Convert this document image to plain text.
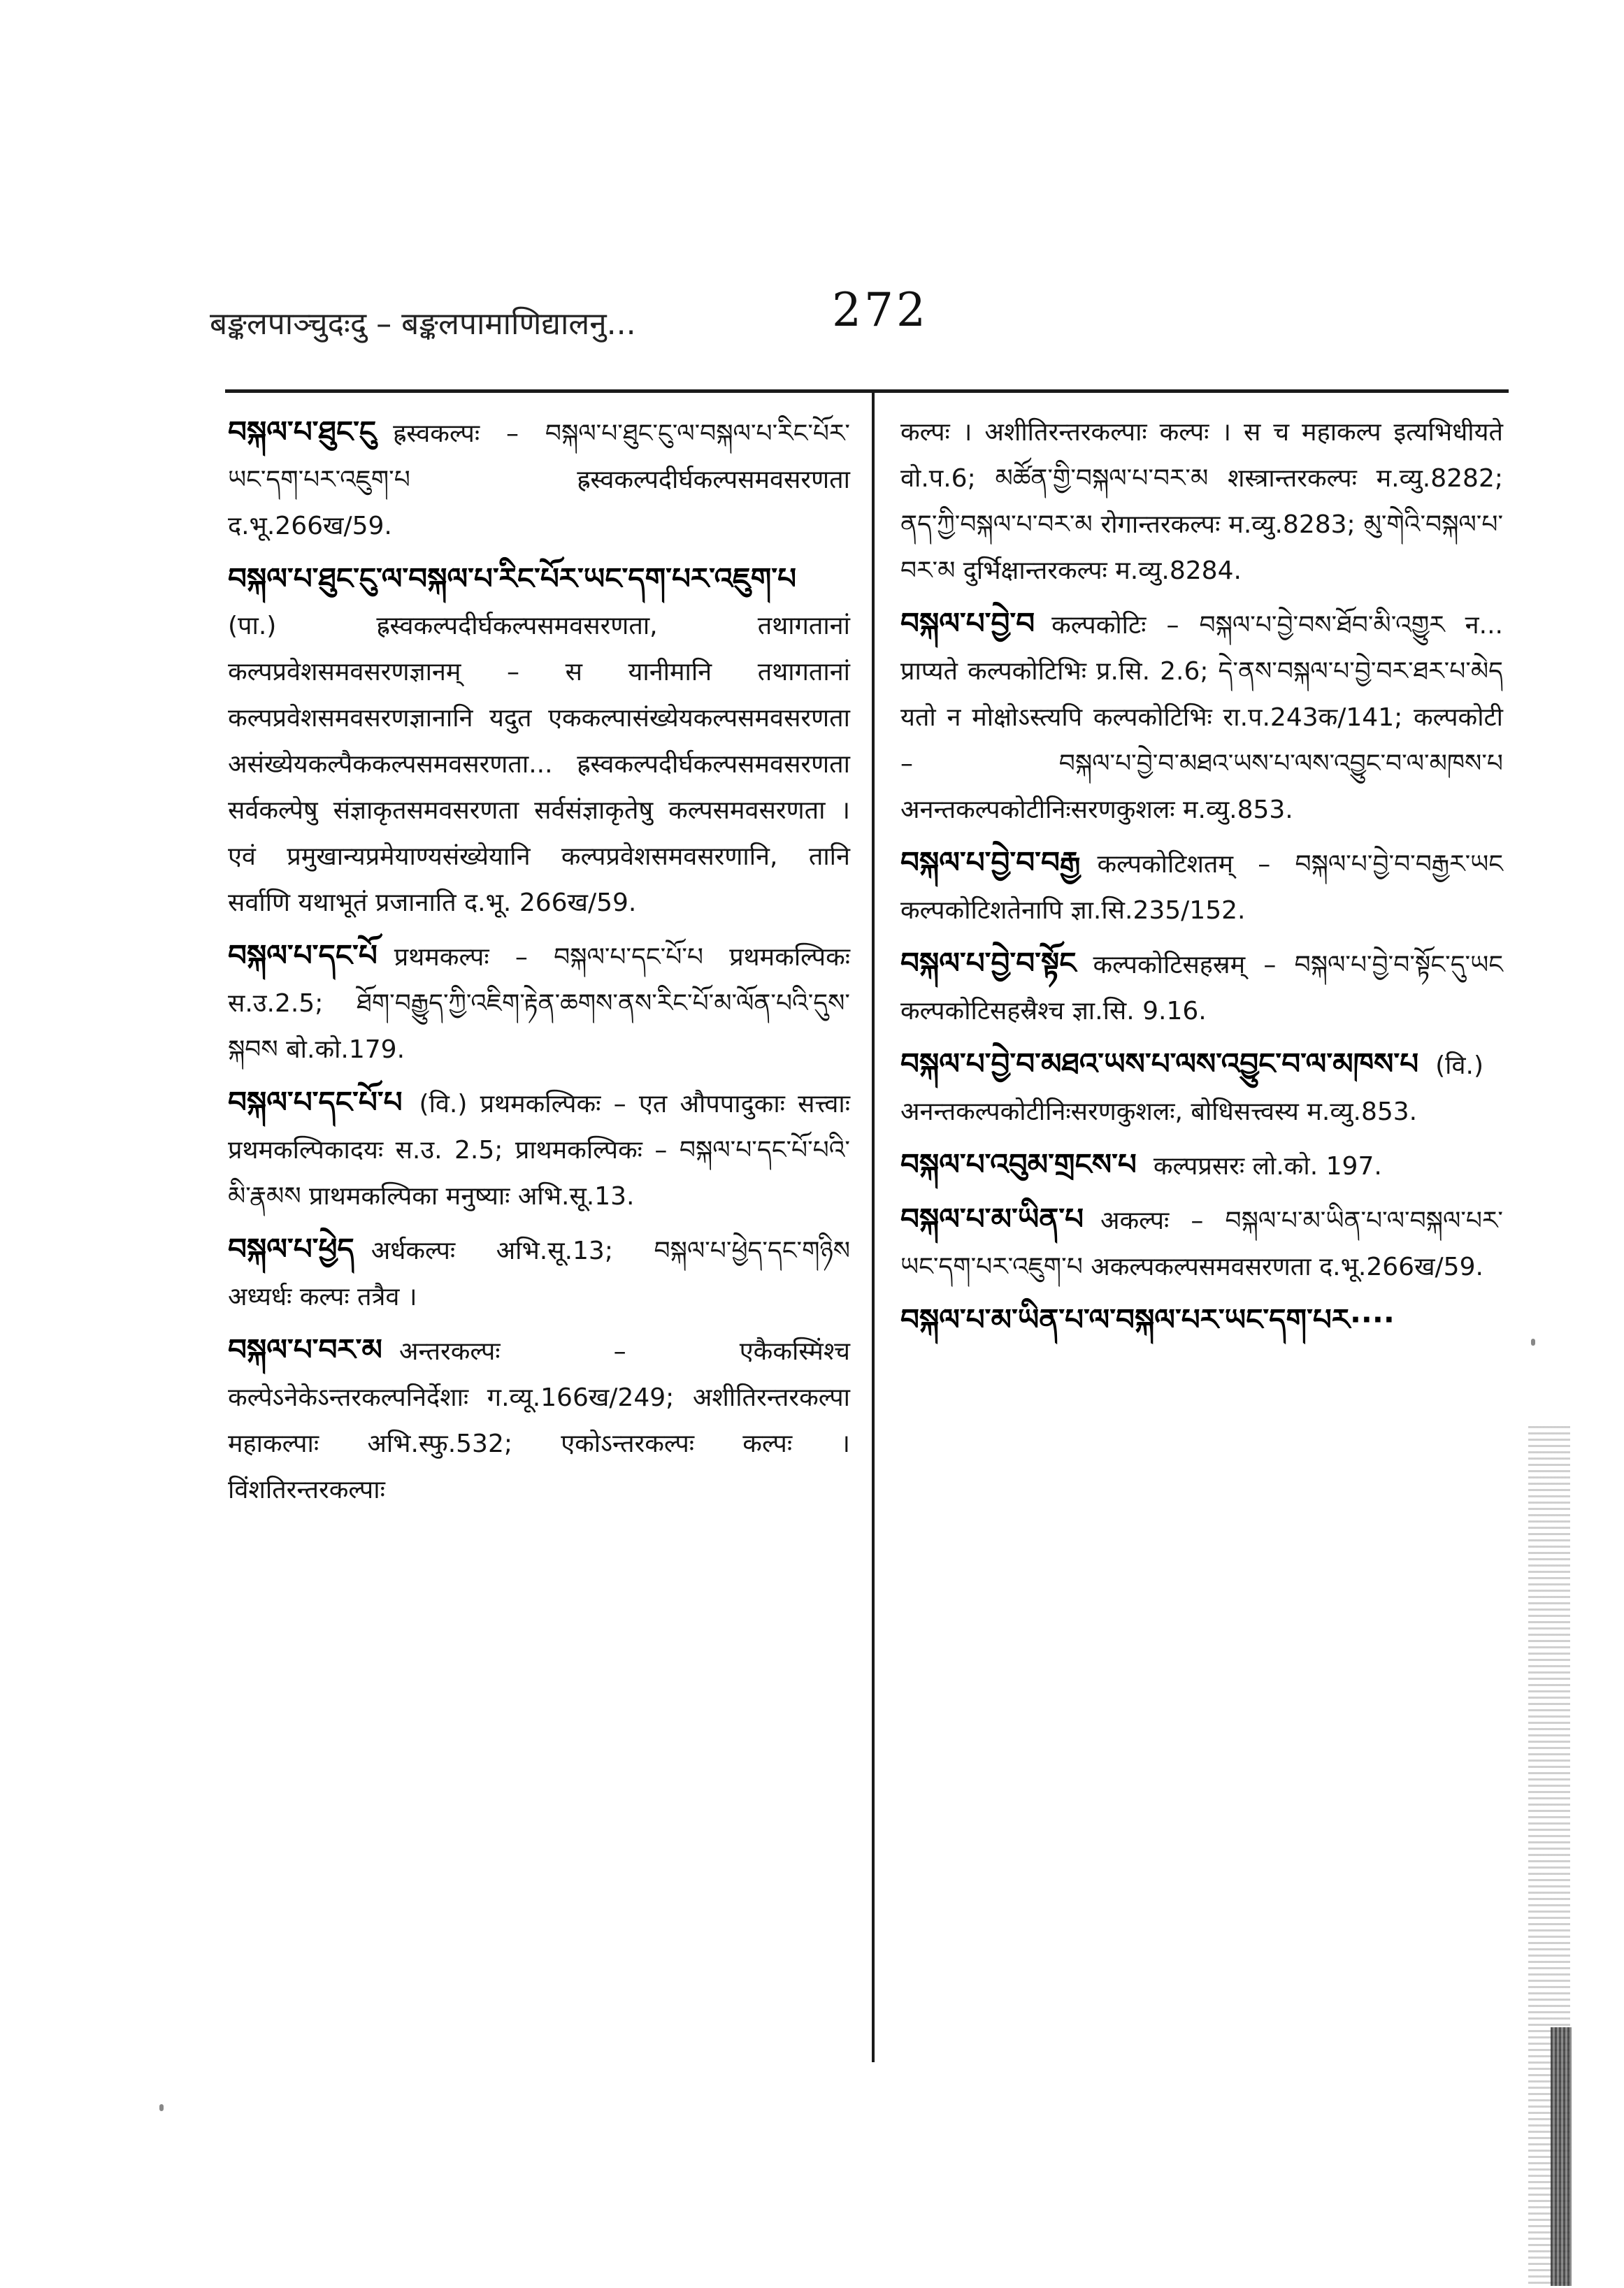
बङ्कलपाञ्चुदःदु – बङ्कलपामाणिद्यालनु...	272

བསྐལ་པ་ཐུང་ངུ ह्रस्वकल्पः – བསྐལ་པ་ཐུང་ངུ་ལ་བསྐལ་པ་རིང་པོར་ཡང་དག་པར་འཇུག་པ ह्रस्वकल्पदीर्घकल्पसमवसरणता द.भू.266ख/59.

བསྐལ་པ་ཐུང་ངུ་ལ་བསྐལ་པ་རིང་པོར་ཡང་དག་པར་འཇུག་པ(पा.) ह्रस्वकल्पदीर्घकल्पसमवसरणता, तथागतानां कल्पप्रवेशसमवसरणज्ञानम् – स यानीमानि तथागतानां कल्पप्रवेशसमवसरणज्ञानानि यदुत एककल्पासंख्येयकल्पसमवसरणता असंख्येयकल्पैककल्पसमवसरणता... ह्रस्वकल्पदीर्घकल्पसमवसरणता सर्वकल्पेषु संज्ञाकृतसमवसरणता सर्वसंज्ञाकृतेषु कल्पसमवसरणता । एवं प्रमुखान्यप्रमेयाण्यसंख्येयानि कल्पप्रवेशसमवसरणानि, तानि सर्वाणि यथाभूतं प्रजानाति द.भू. 266ख/59.

བསྐལ་པ་དང་པོ प्रथमकल्पः – བསྐལ་པ་དང་པོ་པ प्रथमकल्पिकः स.उ.2.5; ཐོག་བརྒྱུད་ཀྱི་འཇིག་རྟེན་ཆགས་ནས་རིང་པོ་མ་ལོན་པའི་དུས་སྐབས बो.को.179.

བསྐལ་པ་དང་པོ་པ (वि.) प्रथमकल्पिकः – एत औपपादुकाः सत्त्वाः प्रथमकल्पिकादयः स.उ. 2.5; प्राथमकल्पिकः – བསྐལ་པ་དང་པོ་པའི་མི་རྣམས प्राथमकल्पिका मनुष्याः अभि.सू.13.

བསྐལ་པ་ཕྱེད अर्धकल्पः अभि.सू.13; བསྐལ་པ་ཕྱེད་དང་གཉིས अध्यर्धः कल्पः तत्रैव ।

བསྐལ་པ་བར་མ अन्तरकल्पः – एकैकस्मिंश्च कल्पेऽनेकेऽन्तरकल्पनिर्देशाः ग.व्यू.166ख/249; अशीतिरन्तरकल्पा महाकल्पाः अभि.स्फु.532; एकोऽन्तरकल्पः कल्पः । विंशतिरन्तरकल्पाः

कल्पः । अशीतिरन्तरकल्पाः कल्पः । स च महाकल्प इत्यभिधीयते वो.प.6; མཚོན་གྱི་བསྐལ་པ་བར་མ शस्त्रान्तरकल्पः म.व्यु.8282; ནད་ཀྱི་བསྐལ་པ་བར་མ रोगान्तरकल्पः म.व्यु.8283; མུ་གེའི་བསྐལ་པ་བར་མ दुर्भिक्षान्तरकल्पः म.व्यु.8284.

བསྐལ་པ་བྱེ་བ कल्पकोटिः – བསྐལ་པ་བྱེ་བས་ཐོབ་མི་འགྱུར न... प्राप्यते कल्पकोटिभिः प्र.सि. 2.6; དེ་ནས་བསྐལ་པ་བྱེ་བར་ཐར་པ་མེད यतो न मोक्षोऽस्त्यपि कल्पकोटिभिः रा.प.243क/141; कल्पकोटी – བསྐལ་པ་བྱེ་བ་མཐའ་ཡས་པ་ལས་འབྱུང་བ་ལ་མཁས་པ अनन्तकल्पकोटीनिःसरणकुशलः म.व्यु.853.

བསྐལ་པ་བྱེ་བ་བརྒྱ कल्पकोटिशतम् – བསྐལ་པ་བྱེ་བ་བརྒྱར་ཡང कल्पकोटिशतेनापि ज्ञा.सि.235/152.

བསྐལ་པ་བྱེ་བ་སྟོང कल्पकोटिसहस्रम् – བསྐལ་པ་བྱེ་བ་སྟོང་དུ་ཡང कल्पकोटिसहस्रैश्च ज्ञा.सि. 9.16.

བསྐལ་པ་བྱེ་བ་མཐའ་ཡས་པ་ལས་འབྱུང་བ་ལ་མཁས་པ (वि.) अनन्तकल्पकोटीनिःसरणकुशलः, बोधिसत्त्वस्य म.व्यु.853.

བསྐལ་པ་འབུམ་གྲངས་པ कल्पप्रसरः लो.को. 197.

བསྐལ་པ་མ་ཡིན་པ अकल्पः – བསྐལ་པ་མ་ཡིན་པ་ལ་བསྐལ་པར་ཡང་དག་པར་འཇུག་པ अकल्पकल्पसमवसरणता द.भू.266ख/59.

བསྐལ་པ་མ་ཡིན་པ་ལ་བསྐལ་པར་ཡང་དག་པར····
